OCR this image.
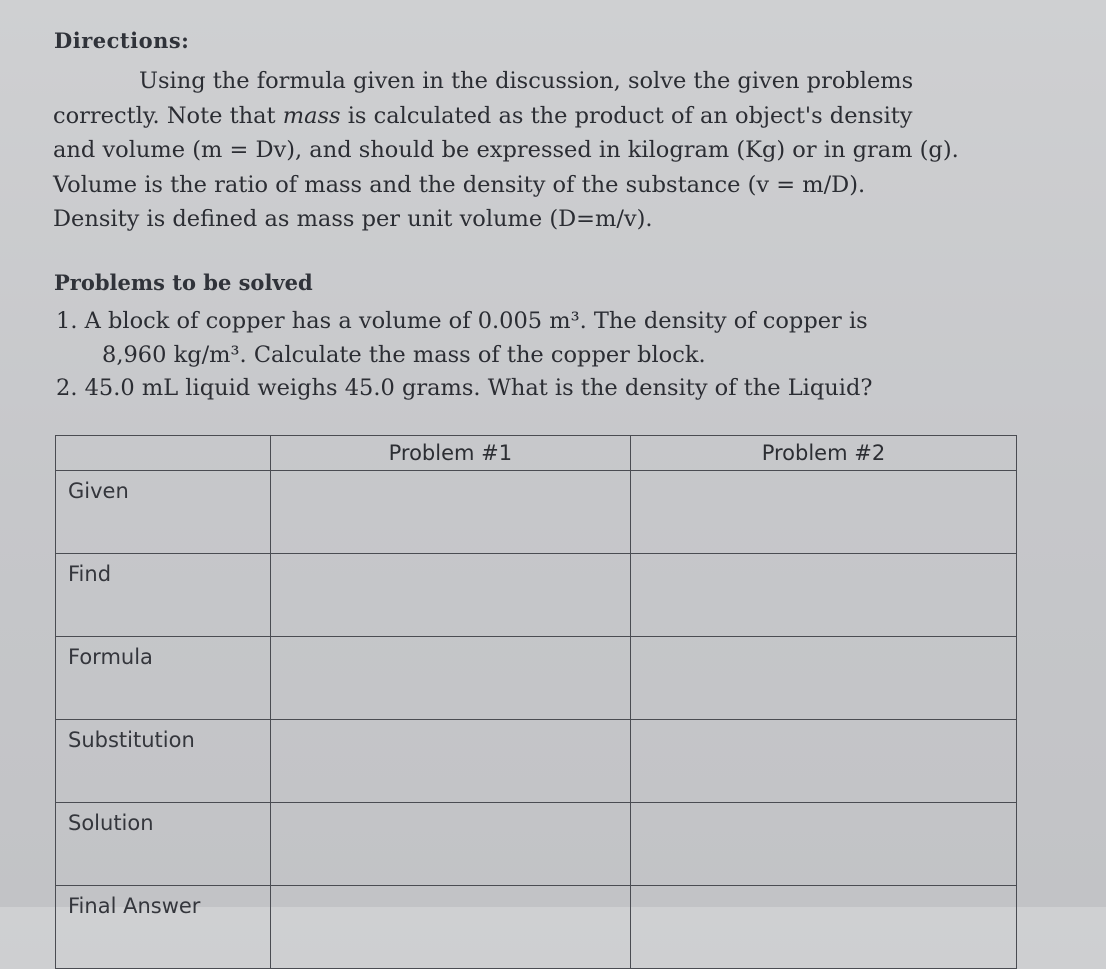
Directions:
Using the formula given in the discussion, solve the given problems
correctly. Note that mass is calculated as the product of an object's density
and volume (m = Dv), and should be expressed in kilogram (Kg) or in gram (g).
Volume is the ratio of mass and the density of the substance (v = m/D).
Density is defined as mass per unit volume (D=m/v).
Problems to be solved
1. A block of copper has a volume of 0.005 m³. The density of copper is
8,960 kg/m³. Calculate the mass of the copper block.
2. 45.0 mL liquid weighs 45.0 grams. What is the density of the Liquid?
	Problem #1	Problem #2
Given		
Find		
Formula		
Substitution		
Solution		
Final Answer		
